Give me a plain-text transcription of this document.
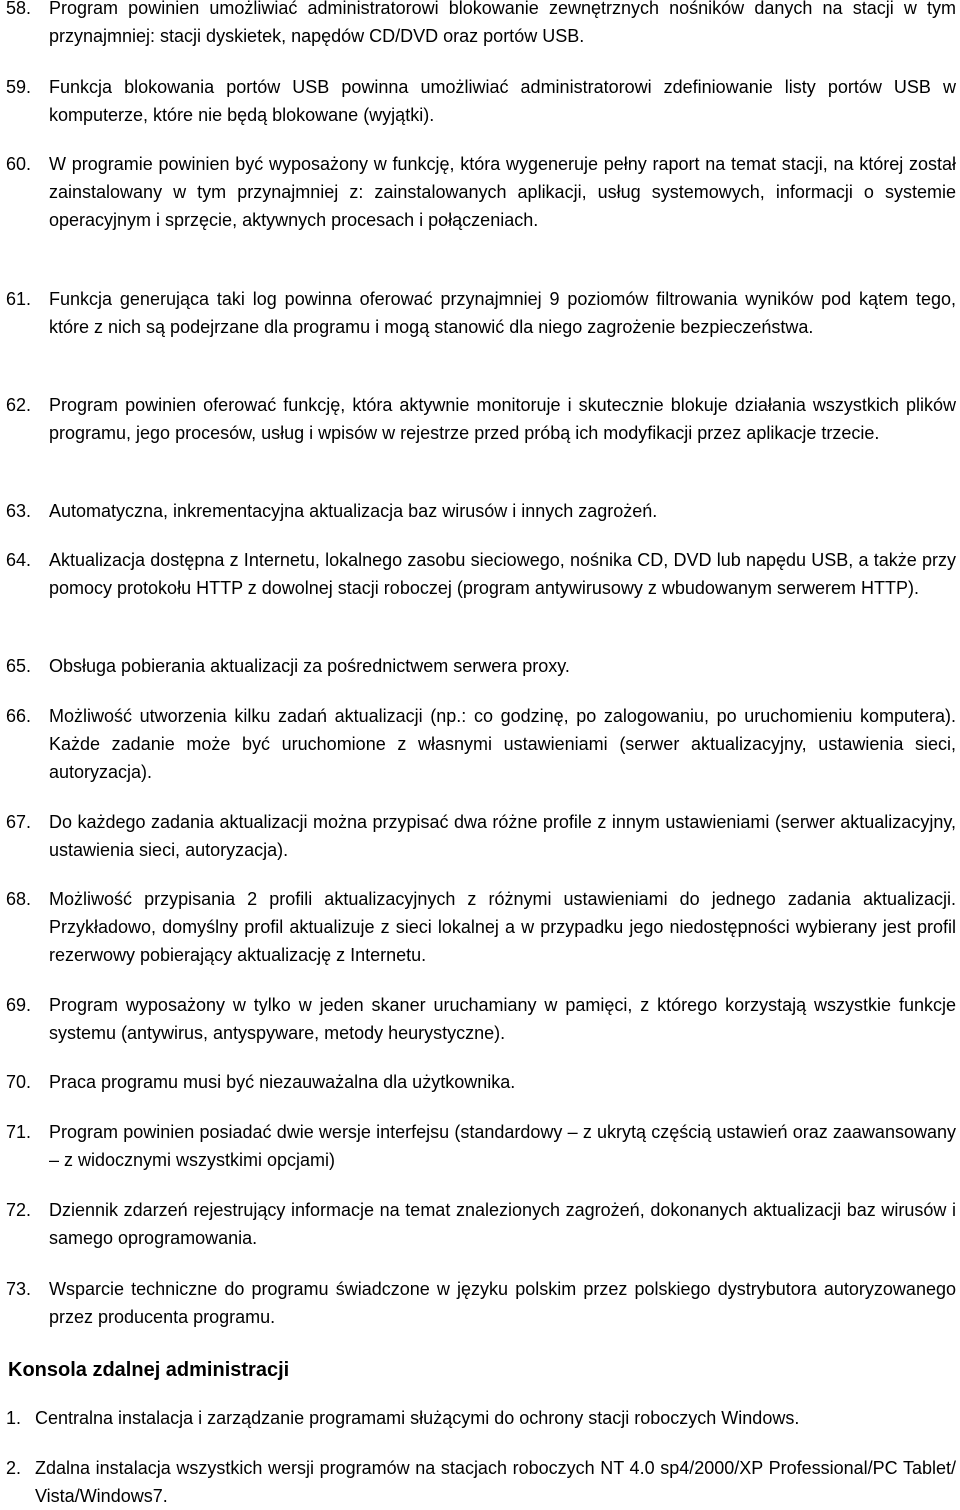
58. Program powinien umożliwiać administratorowi blokowanie zewnętrznych nośników danych na stacji w tym przynajmniej: stacji dyskietek, napędów CD/DVD oraz portów USB.
59. Funkcja blokowania portów USB powinna umożliwiać administratorowi zdefiniowanie listy portów USB w komputerze, które nie będą blokowane (wyjątki).
60. W programie powinien być wyposażony w funkcję, która wygeneruje pełny raport na temat stacji, na której został zainstalowany w tym przynajmniej z: zainstalowanych aplikacji, usług systemowych, informacji o systemie operacyjnym i sprzęcie, aktywnych procesach i połączeniach.
61. Funkcja generująca taki log powinna oferować przynajmniej 9 poziomów filtrowania wyników pod kątem tego, które z nich są podejrzane dla programu i mogą stanowić dla niego zagrożenie bezpieczeństwa.
62. Program powinien oferować funkcję, która aktywnie monitoruje i skutecznie blokuje działania wszystkich plików programu, jego procesów, usług i wpisów w rejestrze przed próbą ich modyfikacji przez aplikacje trzecie.
63. Automatyczna, inkrementacyjna aktualizacja baz wirusów i innych zagrożeń.
64. Aktualizacja dostępna z Internetu, lokalnego zasobu sieciowego, nośnika CD, DVD lub napędu USB, a także przy pomocy protokołu HTTP z dowolnej stacji roboczej (program antywirusowy z wbudowanym serwerem HTTP).
65. Obsługa pobierania aktualizacji za pośrednictwem serwera proxy.
66. Możliwość utworzenia kilku zadań aktualizacji (np.: co godzinę, po zalogowaniu, po uruchomieniu komputera). Każde zadanie może być uruchomione z własnymi ustawieniami (serwer aktualizacyjny, ustawienia sieci, autoryzacja).
67. Do każdego zadania aktualizacji można przypisać dwa różne profile z innym ustawieniami (serwer aktualizacyjny, ustawienia sieci, autoryzacja).
68. Możliwość przypisania 2 profili aktualizacyjnych z różnymi ustawieniami do jednego zadania aktualizacji. Przykładowo, domyślny profil aktualizuje z sieci lokalnej a w przypadku jego niedostępności wybierany jest profil rezerwowy pobierający aktualizację z Internetu.
69. Program wyposażony w tylko w jeden skaner uruchamiany w pamięci, z którego korzystają wszystkie funkcje systemu (antywirus, antyspyware, metody heurystyczne).
70. Praca programu musi być niezauważalna dla użytkownika.
71. Program powinien posiadać dwie wersje interfejsu (standardowy – z ukrytą częścią ustawień oraz zaawansowany – z widocznymi wszystkimi opcjami)
72. Dziennik zdarzeń rejestrujący informacje na temat znalezionych zagrożeń, dokonanych aktualizacji baz wirusów i samego oprogramowania.
73. Wsparcie techniczne do programu świadczone w języku polskim przez polskiego dystrybutora autoryzowanego przez producenta programu.
Konsola zdalnej administracji
1. Centralna instalacja i zarządzanie programami służącymi do ochrony stacji roboczych Windows.
2. Zdalna instalacja wszystkich wersji programów na stacjach roboczych NT 4.0 sp4/2000/XP Professional/PC Tablet/ Vista/Windows7.
